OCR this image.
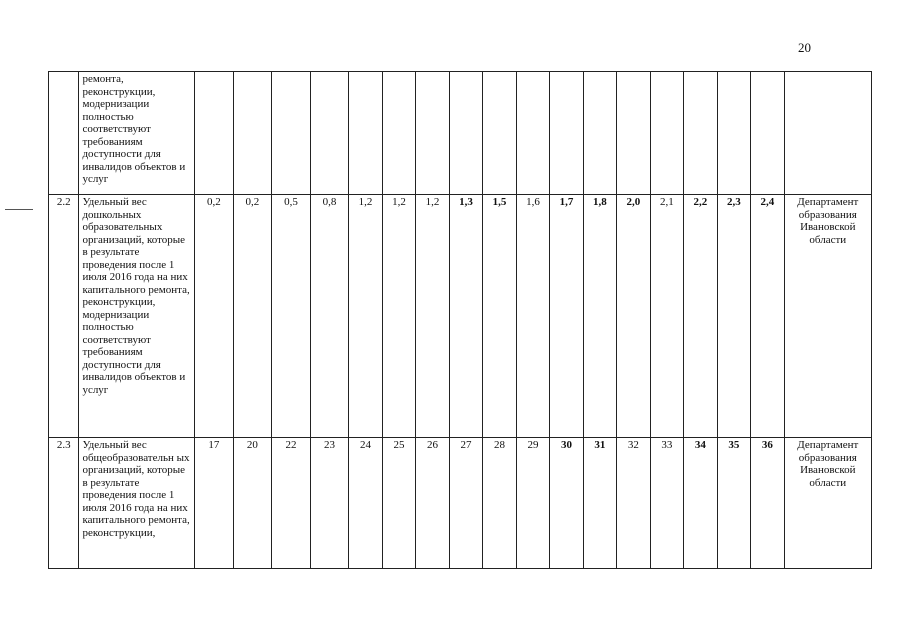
20
	ремонта, реконструкции, модернизации полностью соответствуют требованиям доступности для инвалидов объектов и услуг																		
2.2	Удельный вес дошкольных образовательных организаций, которые в результате проведения после 1 июля 2016 года на них капитального ремонта, реконструкции, модернизации полностью соответствуют требованиям доступности для инвалидов объектов и услуг	0,2	0,2	0,5	0,8	1,2	1,2	1,2	1,3	1,5	1,6	1,7	1,8	2,0	2,1	2,2	2,3	2,4	Департамент образования Ивановской области
2.3	Удельный вес общеобразовательн ых организаций, которые в результате проведения после 1 июля 2016 года на них капитального ремонта, реконструкции,	17	20	22	23	24	25	26	27	28	29	30	31	32	33	34	35	36	Департамент образования Ивановской области
